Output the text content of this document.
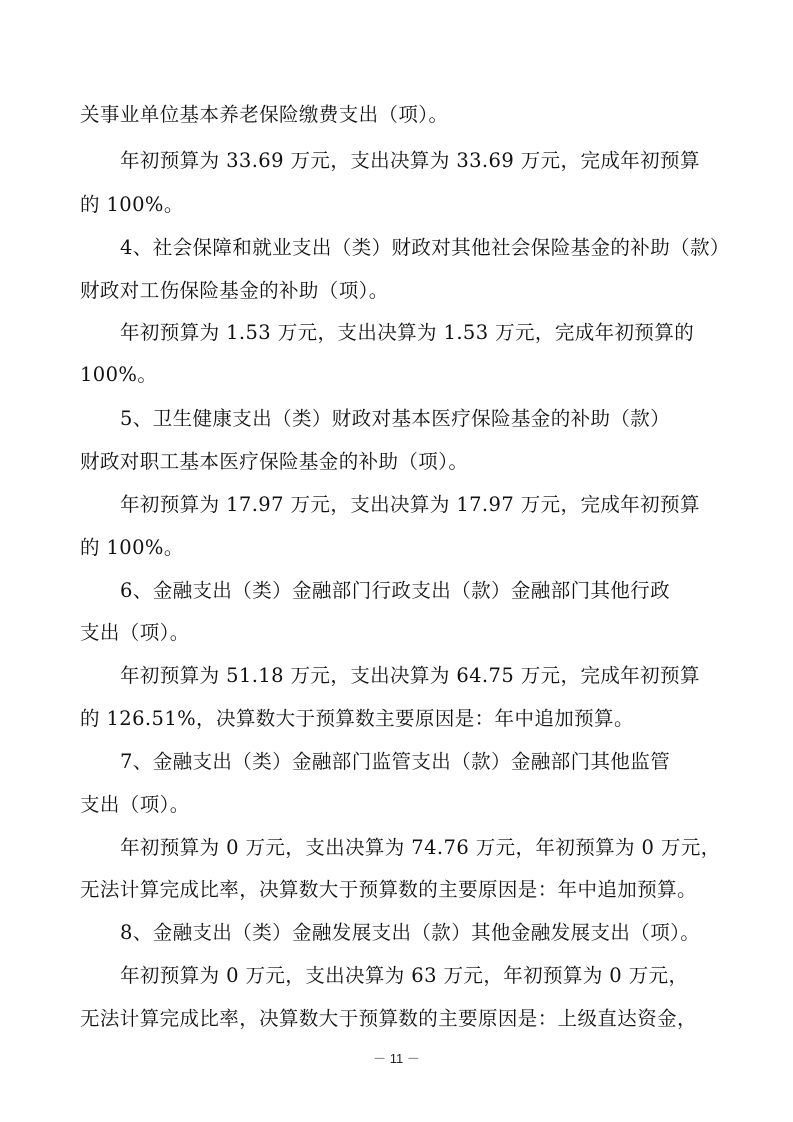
关事业单位基本养老保险缴费支出（项）。
年初预算为 33.69 万元，支出决算为 33.69 万元，完成年初预算
的 100%。
4、社会保障和就业支出（类）财政对其他社会保险基金的补助（款）
财政对工伤保险基金的补助（项）。
年初预算为 1.53 万元，支出决算为 1.53 万元，完成年初预算的
100%。
5、卫生健康支出（类）财政对基本医疗保险基金的补助（款）
财政对职工基本医疗保险基金的补助（项）。
年初预算为 17.97 万元，支出决算为 17.97 万元，完成年初预算
的 100%。
6、金融支出（类）金融部门行政支出（款）金融部门其他行政
支出（项）。
年初预算为 51.18 万元，支出决算为 64.75 万元，完成年初预算
的 126.51%，决算数大于预算数主要原因是：年中追加预算。
7、金融支出（类）金融部门监管支出（款）金融部门其他监管
支出（项）。
年初预算为 0 万元，支出决算为 74.76 万元，年初预算为 0 万元，
无法计算完成比率，决算数大于预算数的主要原因是：年中追加预算。
8、金融支出（类）金融发展支出（款）其他金融发展支出（项）。
年初预算为 0 万元，支出决算为 63 万元，年初预算为 0 万元，
无法计算完成比率，决算数大于预算数的主要原因是：上级直达资金，
－ 11 －
